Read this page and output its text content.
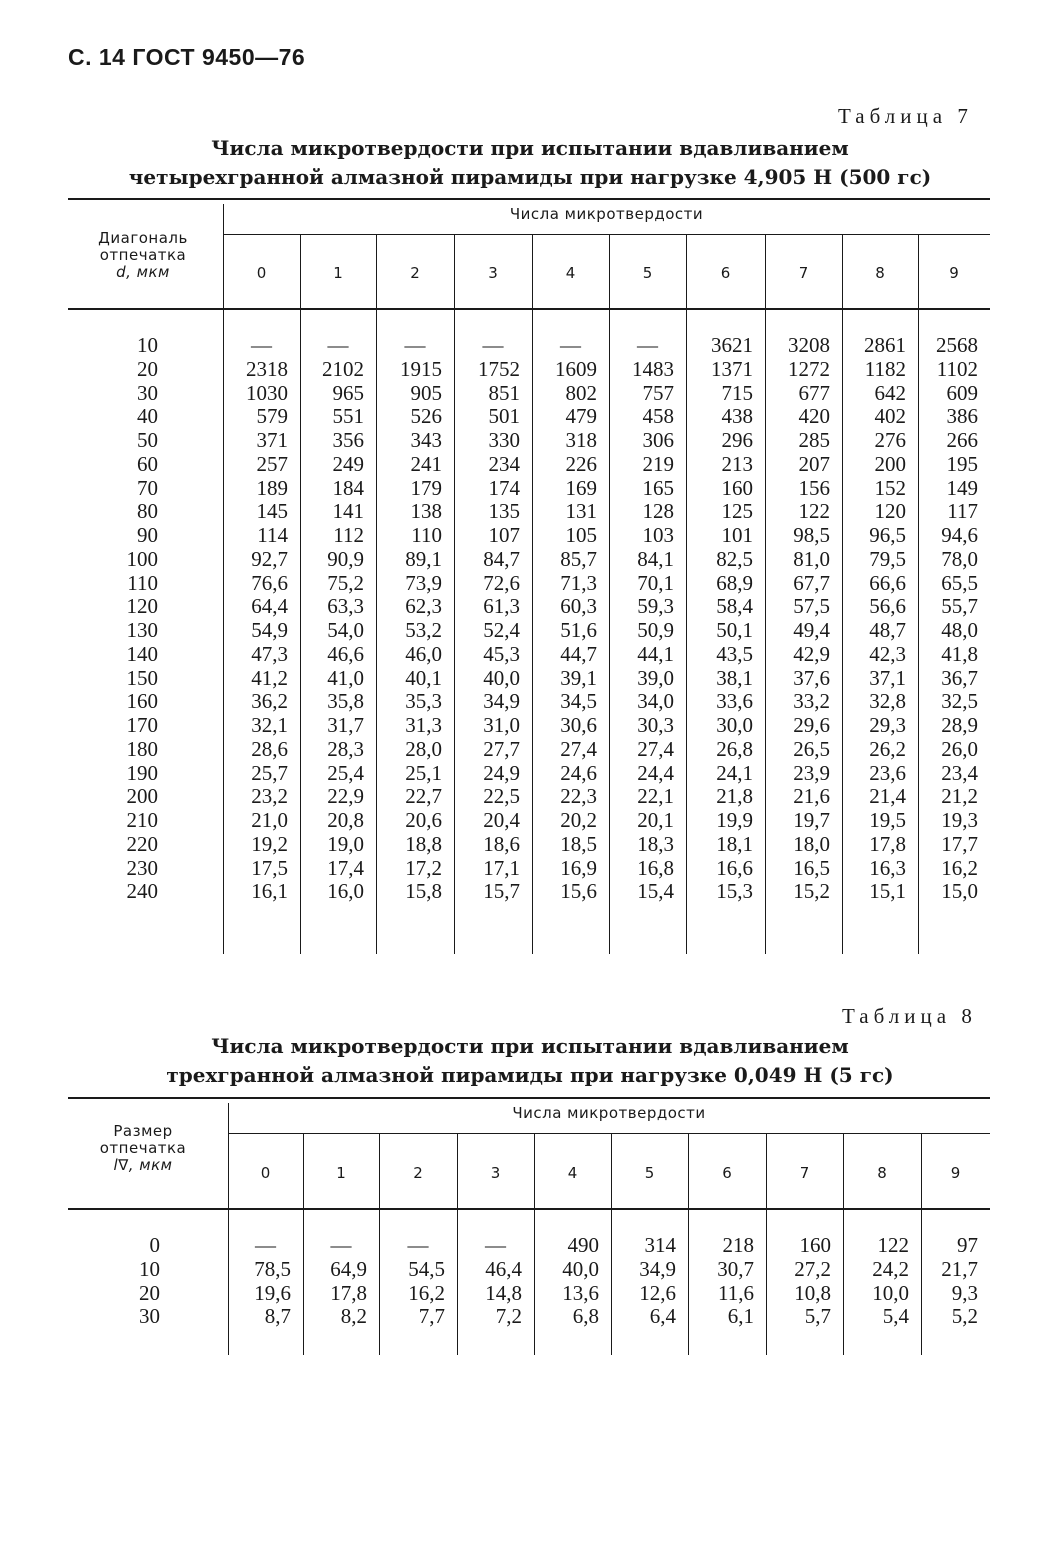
С. 14 ГОСТ 9450—76
Таблица 7
Числа микротвердости при испытании вдавливанием
четырехгранной алмазной пирамиды при нагрузке 4,905 Н (500 гс)
Диагональ
отпечатка
d, мкм
Числа микротвердости
0	1	2	3	4	5	6	7	8	9
10	—	—	—	—	—	—	3621	3208	2861	2568
20	2318	2102	1915	1752	1609	1483	1371	1272	1182	1102
30	1030	965	905	851	802	757	715	677	642	609
40	579	551	526	501	479	458	438	420	402	386
50	371	356	343	330	318	306	296	285	276	266
60	257	249	241	234	226	219	213	207	200	195
70	189	184	179	174	169	165	160	156	152	149
80	145	141	138	135	131	128	125	122	120	117
90	114	112	110	107	105	103	101	98,5	96,5	94,6
100	92,7	90,9	89,1	84,7	85,7	84,1	82,5	81,0	79,5	78,0
110	76,6	75,2	73,9	72,6	71,3	70,1	68,9	67,7	66,6	65,5
120	64,4	63,3	62,3	61,3	60,3	59,3	58,4	57,5	56,6	55,7
130	54,9	54,0	53,2	52,4	51,6	50,9	50,1	49,4	48,7	48,0
140	47,3	46,6	46,0	45,3	44,7	44,1	43,5	42,9	42,3	41,8
150	41,2	41,0	40,1	40,0	39,1	39,0	38,1	37,6	37,1	36,7
160	36,2	35,8	35,3	34,9	34,5	34,0	33,6	33,2	32,8	32,5
170	32,1	31,7	31,3	31,0	30,6	30,3	30,0	29,6	29,3	28,9
180	28,6	28,3	28,0	27,7	27,4	27,4	26,8	26,5	26,2	26,0
190	25,7	25,4	25,1	24,9	24,6	24,4	24,1	23,9	23,6	23,4
200	23,2	22,9	22,7	22,5	22,3	22,1	21,8	21,6	21,4	21,2
210	21,0	20,8	20,6	20,4	20,2	20,1	19,9	19,7	19,5	19,3
220	19,2	19,0	18,8	18,6	18,5	18,3	18,1	18,0	17,8	17,7
230	17,5	17,4	17,2	17,1	16,9	16,8	16,6	16,5	16,3	16,2
240	16,1	16,0	15,8	15,7	15,6	15,4	15,3	15,2	15,1	15,0
Таблица 8
Числа микротвердости при испытании вдавливанием
трехгранной алмазной пирамиды при нагрузке 0,049 Н (5 гс)
Размер
отпечатка
l∇, мкм
Числа микротвердости
0	1	2	3	4	5	6	7	8	9
0	—	—	—	—	490	314	218	160	122	97
10	78,5	64,9	54,5	46,4	40,0	34,9	30,7	27,2	24,2	21,7
20	19,6	17,8	16,2	14,8	13,6	12,6	11,6	10,8	10,0	9,3
30	8,7	8,2	7,7	7,2	6,8	6,4	6,1	5,7	5,4	5,2
